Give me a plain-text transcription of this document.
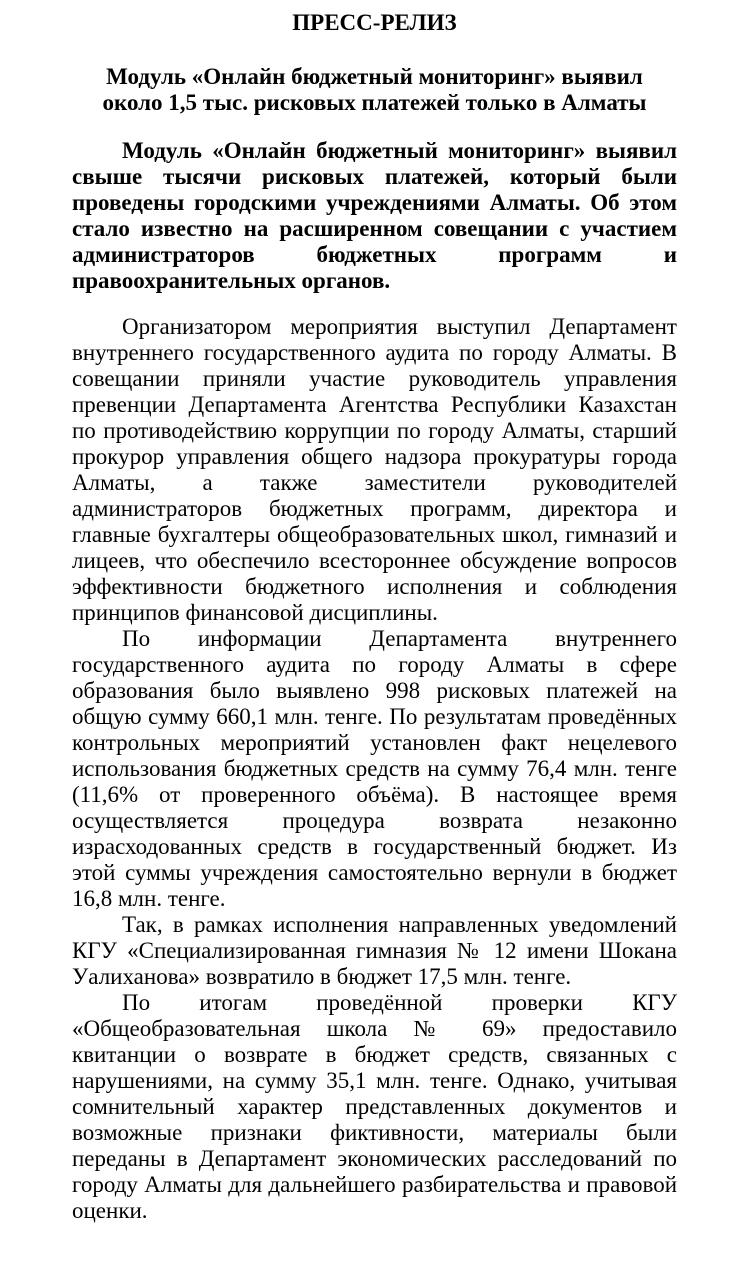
ПРЕСС-РЕЛИЗ
Модуль «Онлайн бюджетный мониторинг» выявил
около 1,5 тыс. рисковых платежей только в Алматы

Модуль «Онлайн бюджетный мониторинг» выявил свыше тысячи рисковых платежей, который были проведены городскими учреждениями Алматы. Об этом стало известно на расширенном совещании с участием администраторов бюджетных программ и правоохранительных органов.

Организатором мероприятия выступил Департамент внутреннего государственного аудита по городу Алматы. В совещании приняли участие руководитель управления превенции Департамента Агентства Республики Казахстан по противодействию коррупции по городу Алматы, старший прокурор управления общего надзора прокуратуры города Алматы, а также заместители руководителей администраторов бюджетных программ, директора и главные бухгалтеры общеобразовательных школ, гимназий и лицеев, что обеспечило всестороннее обсуждение вопросов эффективности бюджетного исполнения и соблюдения принципов финансовой дисциплины.

По информации Департамента внутреннего государственного аудита по городу Алматы в сфере образования было выявлено 998 рисковых платежей на общую сумму 660,1 млн. тенге. По результатам проведённых контрольных мероприятий установлен факт нецелевого использования бюджетных средств на сумму 76,4 млн. тенге (11,6% от проверенного объёма). В настоящее время осуществляется процедура возврата незаконно израсходованных средств в государственный бюджет. Из этой суммы учреждения самостоятельно вернули в бюджет 16,8 млн. тенге.

Так, в рамках исполнения направленных уведомлений КГУ «Специализированная гимназия № 12 имени Шокана Уалиханова» возвратило в бюджет 17,5 млн. тенге.

По итогам проведённой проверки КГУ «Общеобразовательная школа № 69» предоставило квитанции о возврате в бюджет средств, связанных с нарушениями, на сумму 35,1 млн. тенге. Однако, учитывая сомнительный характер представленных документов и возможные признаки фиктивности, материалы были переданы в Департамент экономических расследований по городу Алматы для дальнейшего разбирательства и правовой оценки.
